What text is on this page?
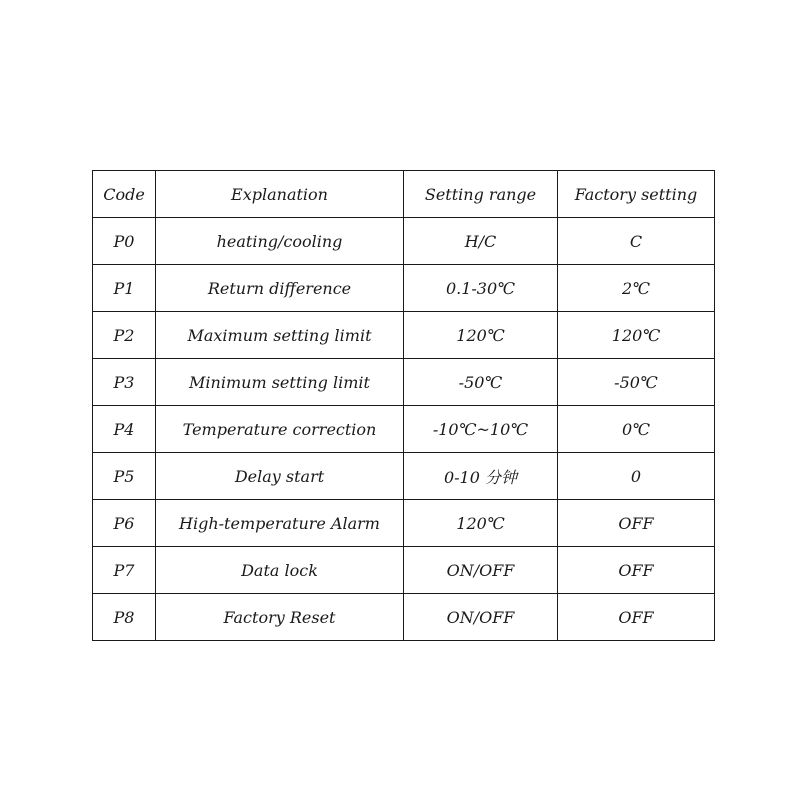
Code	Explanation	Setting range	Factory setting
P0	heating/cooling	H/C	C
P1	Return difference	0.1-30℃	2℃
P2	Maximum setting limit	120℃	120℃
P3	Minimum setting limit	-50℃	-50℃
P4	Temperature correction	-10℃~10℃	0℃
P5	Delay start	0-10 分钟	0
P6	High-temperature Alarm	120℃	OFF
P7	Data lock	ON/OFF	OFF
P8	Factory Reset	ON/OFF	OFF
